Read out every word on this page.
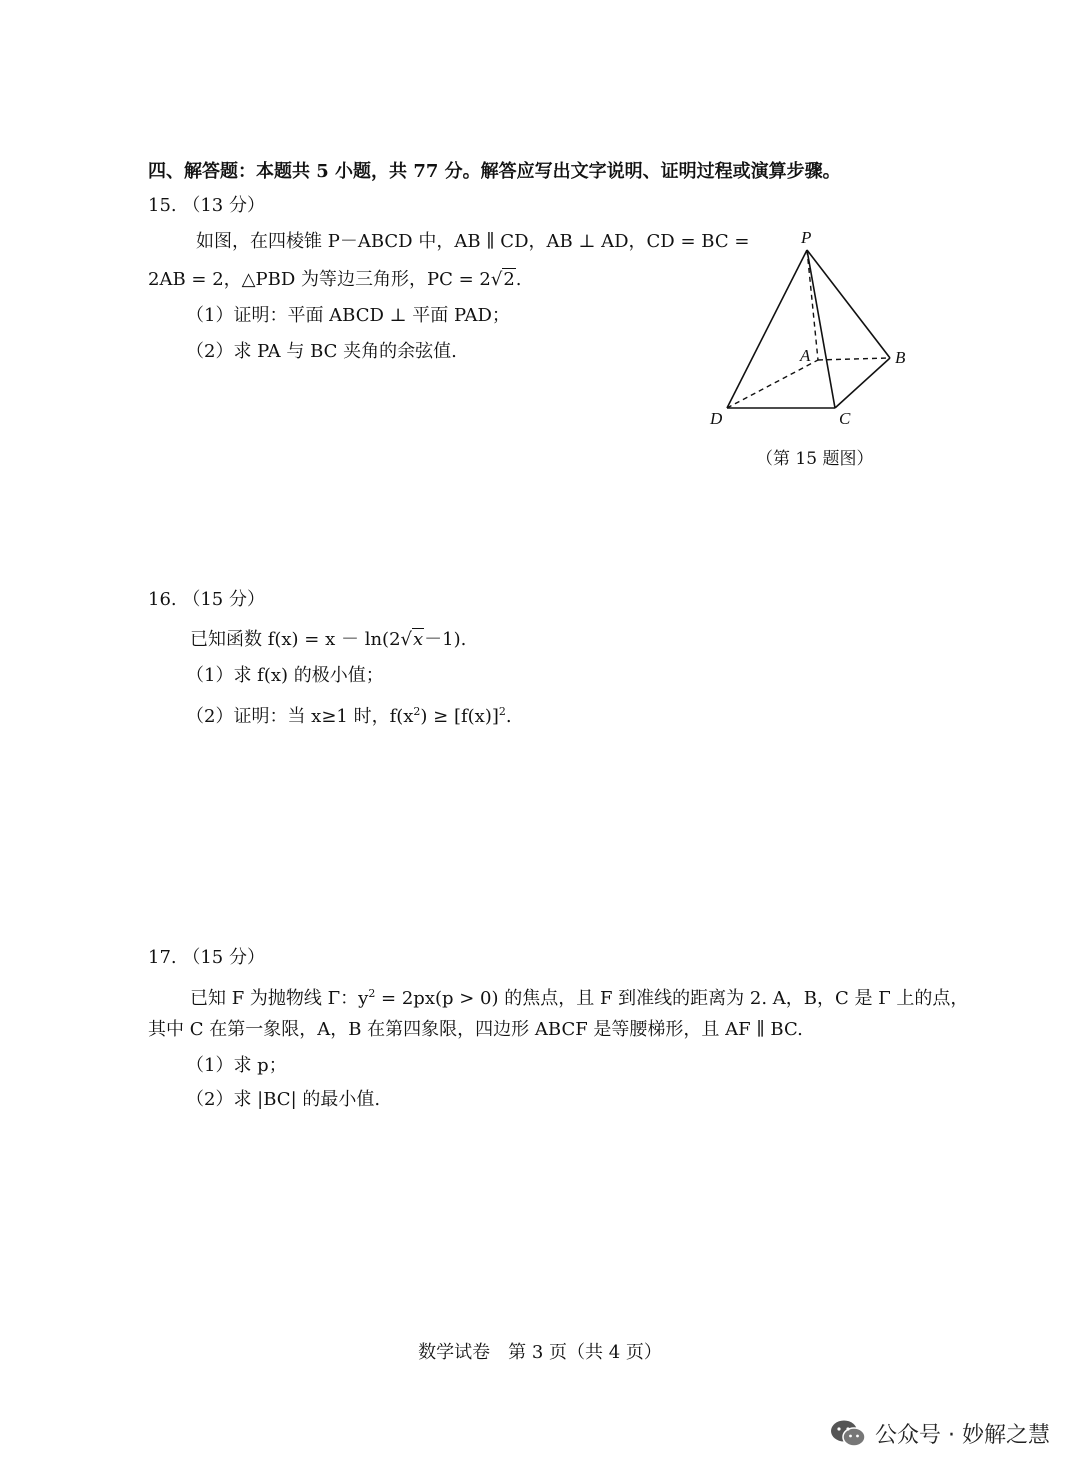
四、解答题：本题共 5 小题，共 77 分。解答应写出文字说明、证明过程或演算步骤。
15. （13 分）
如图，在四棱锥 P－ABCD 中，AB ∥ CD，AB ⊥ AD，CD = BC =
2AB = 2，△PBD 为等边三角形，PC = 2√2.
（1）证明：平面 ABCD ⊥ 平面 PAD；
（2）求 PA 与 BC 夹角的余弦值.
P
A	B
C
D
（第 15 题图）
16. （15 分）
已知函数 f(x) = x － ln(2√x－1).
（1）求 f(x) 的极小值；
（2）证明：当 x≥1 时，$f(x^2) \ge [f(x)]^2$.
17. （15 分）
已知 F 为抛物线 Γ：$y^2 = 2px(p > 0)$ 的焦点，且 F 到准线的距离为 2. A，B，C 是 Γ 上的点，
其中 C 在第一象限，A，B 在第四象限，四边形 ABCF 是等腰梯形，且 AF ∥ BC.
（1）求 p；
（2）求 |BC| 的最小值.
数学试卷　第 3 页（共 4 页）
公众号 · 妙解之慧
